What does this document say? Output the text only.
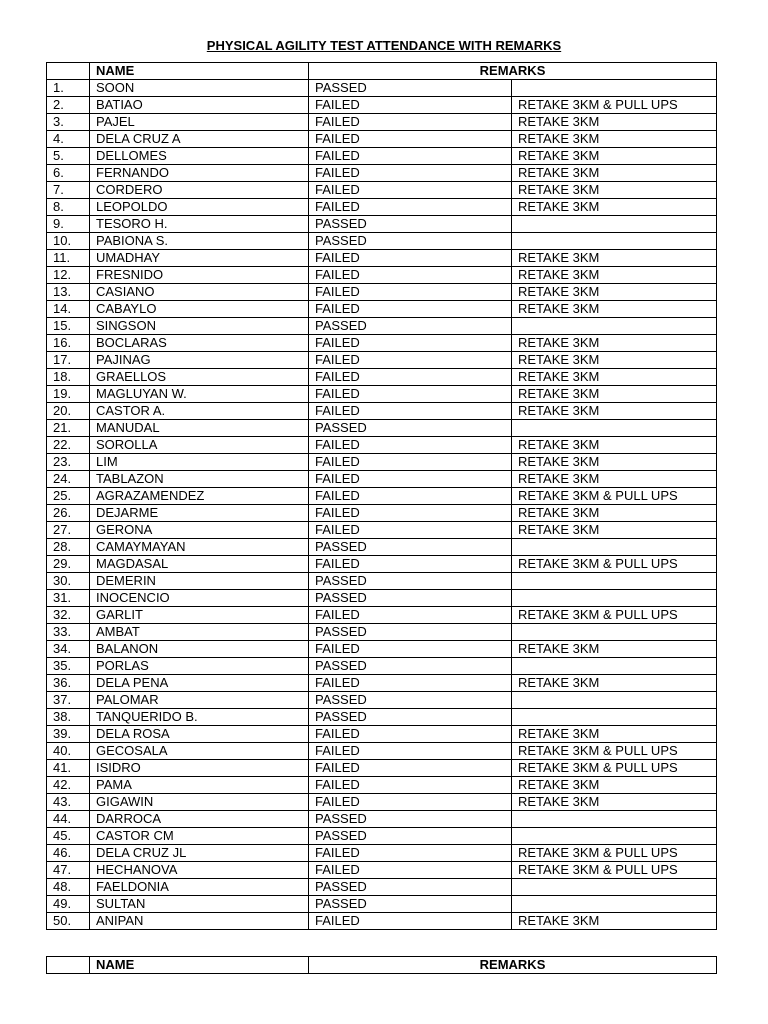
PHYSICAL AGILITY TEST ATTENDANCE WITH REMARKS
	NAME	REMARKS	
1.	SOON	PASSED	
2.	BATIAO	FAILED	RETAKE 3KM & PULL UPS
3.	PAJEL	FAILED	RETAKE 3KM
4.	DELA CRUZ A	FAILED	RETAKE 3KM
5.	DELLOMES	FAILED	RETAKE 3KM
6.	FERNANDO	FAILED	RETAKE 3KM
7.	CORDERO	FAILED	RETAKE 3KM
8.	LEOPOLDO	FAILED	RETAKE 3KM
9.	TESORO H.	PASSED	
10.	PABIONA S.	PASSED	
11.	UMADHAY	FAILED	RETAKE 3KM
12.	FRESNIDO	FAILED	RETAKE 3KM
13.	CASIANO	FAILED	RETAKE 3KM
14.	CABAYLO	FAILED	RETAKE 3KM
15.	SINGSON	PASSED	
16.	BOCLARAS	FAILED	RETAKE 3KM
17.	PAJINAG	FAILED	RETAKE 3KM
18.	GRAELLOS	FAILED	RETAKE 3KM
19.	MAGLUYAN W.	FAILED	RETAKE 3KM
20.	CASTOR A.	FAILED	RETAKE 3KM
21.	MANUDAL	PASSED	
22.	SOROLLA	FAILED	RETAKE 3KM
23.	LIM	FAILED	RETAKE 3KM
24.	TABLAZON	FAILED	RETAKE 3KM
25.	AGRAZAMENDEZ	FAILED	RETAKE 3KM & PULL UPS
26.	DEJARME	FAILED	RETAKE 3KM
27.	GERONA	FAILED	RETAKE 3KM
28.	CAMAYMAYAN	PASSED	
29.	MAGDASAL	FAILED	RETAKE 3KM & PULL UPS
30.	DEMERIN	PASSED	
31.	INOCENCIO	PASSED	
32.	GARLIT	FAILED	RETAKE 3KM & PULL UPS
33.	AMBAT	PASSED	
34.	BALANON	FAILED	RETAKE 3KM
35.	PORLAS	PASSED	
36.	DELA PENA	FAILED	RETAKE 3KM
37.	PALOMAR	PASSED	
38.	TANQUERIDO B.	PASSED	
39.	DELA ROSA	FAILED	RETAKE 3KM
40.	GECOSALA	FAILED	RETAKE 3KM & PULL UPS
41.	ISIDRO	FAILED	RETAKE 3KM & PULL UPS
42.	PAMA	FAILED	RETAKE 3KM
43.	GIGAWIN	FAILED	RETAKE 3KM
44.	DARROCA	PASSED	
45.	CASTOR CM	PASSED	
46.	DELA CRUZ JL	FAILED	RETAKE 3KM & PULL UPS
47.	HECHANOVA	FAILED	RETAKE 3KM & PULL UPS
48.	FAELDONIA	PASSED	
49.	SULTAN	PASSED	
50.	ANIPAN	FAILED	RETAKE 3KM
	NAME	REMARKS
